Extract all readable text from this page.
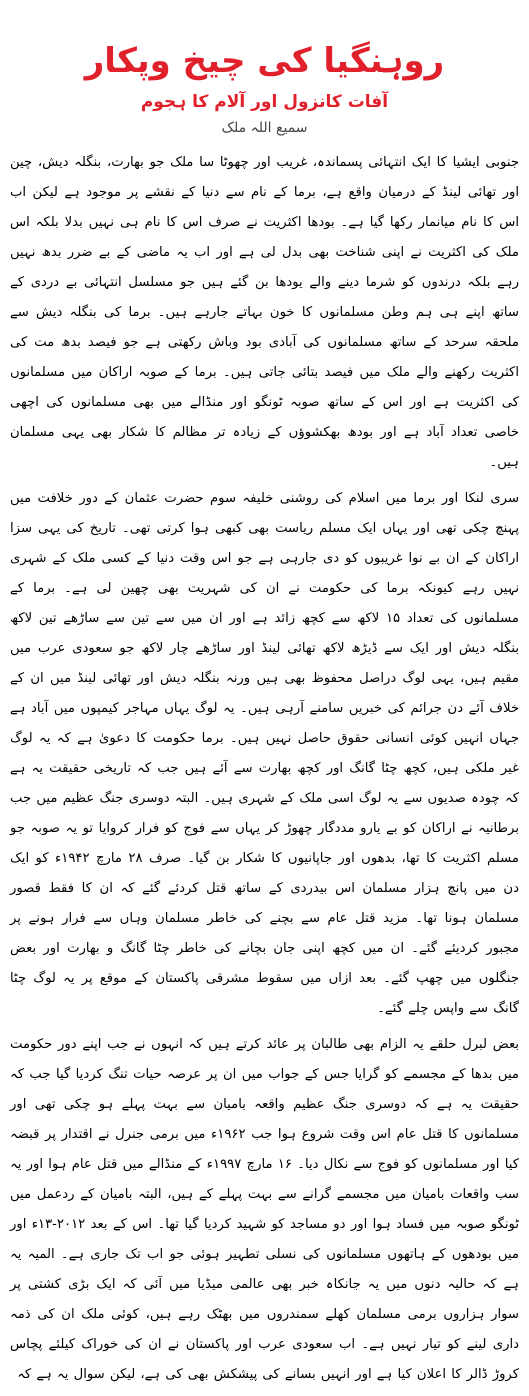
روہنگیا کی چیخ وپکار
آفات کانزول اور آلام کا ہجوم
سمیع اللہ ملک

جنوبی ایشیا کا ایک انتہائی پسماندہ، غریب اور چھوٹا سا ملک جو بھارت، بنگلہ دیش، چین اور تھائی لینڈ کے درمیان واقع ہے، برما کے نام سے دنیا کے نقشے پر موجود ہے لیکن اب اس کا نام میانمار رکھا گیا ہے۔ بودھا اکثریت نے صرف اس کا نام ہی نہیں بدلا بلکہ اس ملک کی اکثریت نے اپنی شناخت بھی بدل لی ہے اور اب یہ ماضی کے بے ضرر بدھ نہیں رہے بلکہ درندوں کو شرما دینے والے یودھا بن گئے ہیں جو مسلسل انتہائی بے دردی کے ساتھ اپنے ہی ہم وطن مسلمانوں کا خون بہاتے جارہے ہیں۔ برما کی بنگلہ دیش سے ملحقہ سرحد کے ساتھ مسلمانوں کی آبادی بود وباش رکھتی ہے جو فیصد بدھ مت کی اکثریت رکھنے والے ملک میں فیصد بتائی جاتی ہیں۔ برما کے صوبہ اراکان میں مسلمانوں کی اکثریت ہے اور اس کے ساتھ صوبہ ٹونگو اور منڈالے میں بھی مسلمانوں کی اچھی خاصی تعداد آباد ہے اور بودھ بھکشوؤں کے زیادہ تر مظالم کا شکار بھی یہی مسلمان ہیں۔

سری لنکا اور برما میں اسلام کی روشنی خلیفہ سوم حضرت عثمان کے دور خلافت میں پہنچ چکی تھی اور یہاں ایک مسلم ریاست بھی کبھی ہوا کرتی تھی۔ تاریخ کی یہی سزا اراکان کے ان بے نوا غریبوں کو دی جارہی ہے جو اس وقت دنیا کے کسی ملک کے شہری نہیں رہے کیونکہ برما کی حکومت نے ان کی شہریت بھی چھین لی ہے۔ برما کے مسلمانوں کی تعداد ۱۵ لاکھ سے کچھ زائد ہے اور ان میں سے تین سے ساڑھے تین لاکھ بنگلہ دیش اور ایک سے ڈیڑھ لاکھ تھائی لینڈ اور ساڑھے چار لاکھ جو سعودی عرب میں مقیم ہیں، یہی لوگ دراصل محفوظ بھی ہیں ورنہ بنگلہ دیش اور تھائی لینڈ میں ان کے خلاف آئے دن جرائم کی خبریں سامنے آرہی ہیں۔ یہ لوگ یہاں مہاجر کیمپوں میں آباد ہے جہاں انہیں کوئی انسانی حقوق حاصل نہیں ہیں۔ برما حکومت کا دعویٰ ہے کہ یہ لوگ غیر ملکی ہیں، کچھ چٹا گانگ اور کچھ بھارت سے آئے ہیں جب کہ تاریخی حقیقت یہ ہے کہ چودہ صدیوں سے یہ لوگ اسی ملک کے شہری ہیں۔ البتہ دوسری جنگ عظیم میں جب برطانیہ نے اراکان کو بے یارو مددگار چھوڑ کر یہاں سے فوج کو فرار کروایا تو یہ صوبہ جو مسلم اکثریت کا تھا، بدھوں اور جاپانیوں کا شکار بن گیا۔ صرف ۲۸ مارچ ۱۹۴۲ء کو ایک دن میں پانچ ہزار مسلمان اس بیدردی کے ساتھ قتل کردئے گئے کہ ان کا فقط قصور مسلمان ہونا تھا۔ مزید قتل عام سے بچنے کی خاطر مسلمان وہاں سے فرار ہونے پر مجبور کردیئے گئے۔ ان میں کچھ اپنی جان بچانے کی خاطر چٹا گانگ و بھارت اور بعض جنگلوں میں چھپ گئے۔ بعد ازاں میں سقوط مشرقی پاکستان کے موقع پر یہ لوگ چٹا گانگ سے واپس چلے گئے۔

بعض لبرل حلقے یہ الزام بھی طالبان پر عائد کرتے ہیں کہ انہوں نے جب اپنے دور حکومت میں بدھا کے مجسمے کو گرایا جس کے جواب میں ان پر عرصہ حیات تنگ کردیا گیا جب کہ حقیقت یہ ہے کہ دوسری جنگ عظیم واقعہ بامیان سے بہت پہلے ہو چکی تھی اور مسلمانوں کا قتل عام اس وقت شروع ہوا جب ۱۹۶۲ء میں برمی جنرل نے اقتدار پر قبضہ کیا اور مسلمانوں کو فوج سے نکال دیا۔ ۱۶ مارچ ۱۹۹۷ء کے منڈالے میں قتل عام ہوا اور یہ سب واقعات بامیان میں مجسمے گرانے سے بہت پہلے کے ہیں، البتہ بامیان کے ردعمل میں ٹونگو صوبہ میں فساد ہوا اور دو مساجد کو شہید کردیا گیا تھا۔ اس کے بعد ۲۰۱۲-۱۳ء اور میں بودھوں کے ہاتھوں مسلمانوں کی نسلی تطہیر ہوئی جو اب تک جاری ہے۔ المیہ یہ ہے کہ حالیہ دنوں میں یہ جانکاہ خبر بھی عالمی میڈیا میں آئی کہ ایک بڑی کشتی پر سوار ہزاروں برمی مسلمان کھلے سمندروں میں بھٹک رہے ہیں، کوئی ملک ان کی ذمہ داری لینے کو تیار نہیں ہے۔ اب سعودی عرب اور پاکستان نے ان کی خوراک کیلئے پچاس کروڑ ڈالر کا اعلان کیا ہے اور انہیں بسانے کی پیشکش بھی کی ہے، لیکن سوال یہ ہے کہ
